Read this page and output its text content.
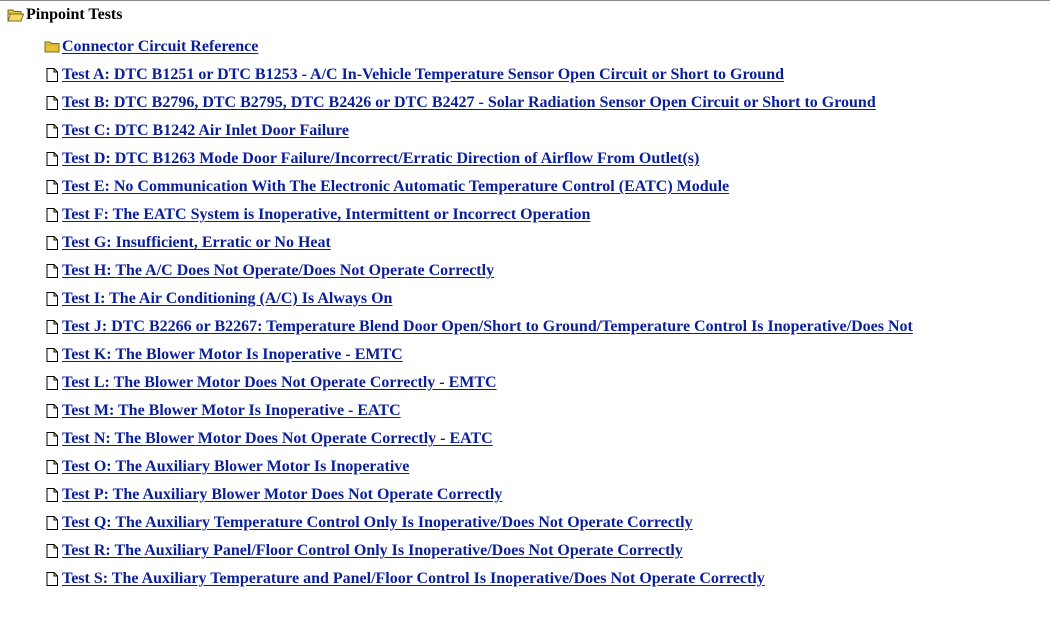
Pinpoint Tests
Connector Circuit Reference
Test A: DTC B1251 or DTC B1253 - A/C In-Vehicle Temperature Sensor Open Circuit or Short to Ground
Test B: DTC B2796, DTC B2795, DTC B2426 or DTC B2427 - Solar Radiation Sensor Open Circuit or Short to Ground
Test C: DTC B1242 Air Inlet Door Failure
Test D: DTC B1263 Mode Door Failure/Incorrect/Erratic Direction of Airflow From Outlet(s)
Test E: No Communication With The Electronic Automatic Temperature Control (EATC) Module
Test F: The EATC System is Inoperative, Intermittent or Incorrect Operation
Test G: Insufficient, Erratic or No Heat
Test H: The A/C Does Not Operate/Does Not Operate Correctly
Test I: The Air Conditioning (A/C) Is Always On
Test J: DTC B2266 or B2267: Temperature Blend Door Open/Short to Ground/Temperature Control Is Inoperative/Does Not
Test K: The Blower Motor Is Inoperative - EMTC
Test L: The Blower Motor Does Not Operate Correctly - EMTC
Test M: The Blower Motor Is Inoperative - EATC
Test N: The Blower Motor Does Not Operate Correctly - EATC
Test O: The Auxiliary Blower Motor Is Inoperative
Test P: The Auxiliary Blower Motor Does Not Operate Correctly
Test Q: The Auxiliary Temperature Control Only Is Inoperative/Does Not Operate Correctly
Test R: The Auxiliary Panel/Floor Control Only Is Inoperative/Does Not Operate Correctly
Test S: The Auxiliary Temperature and Panel/Floor Control Is Inoperative/Does Not Operate Correctly
